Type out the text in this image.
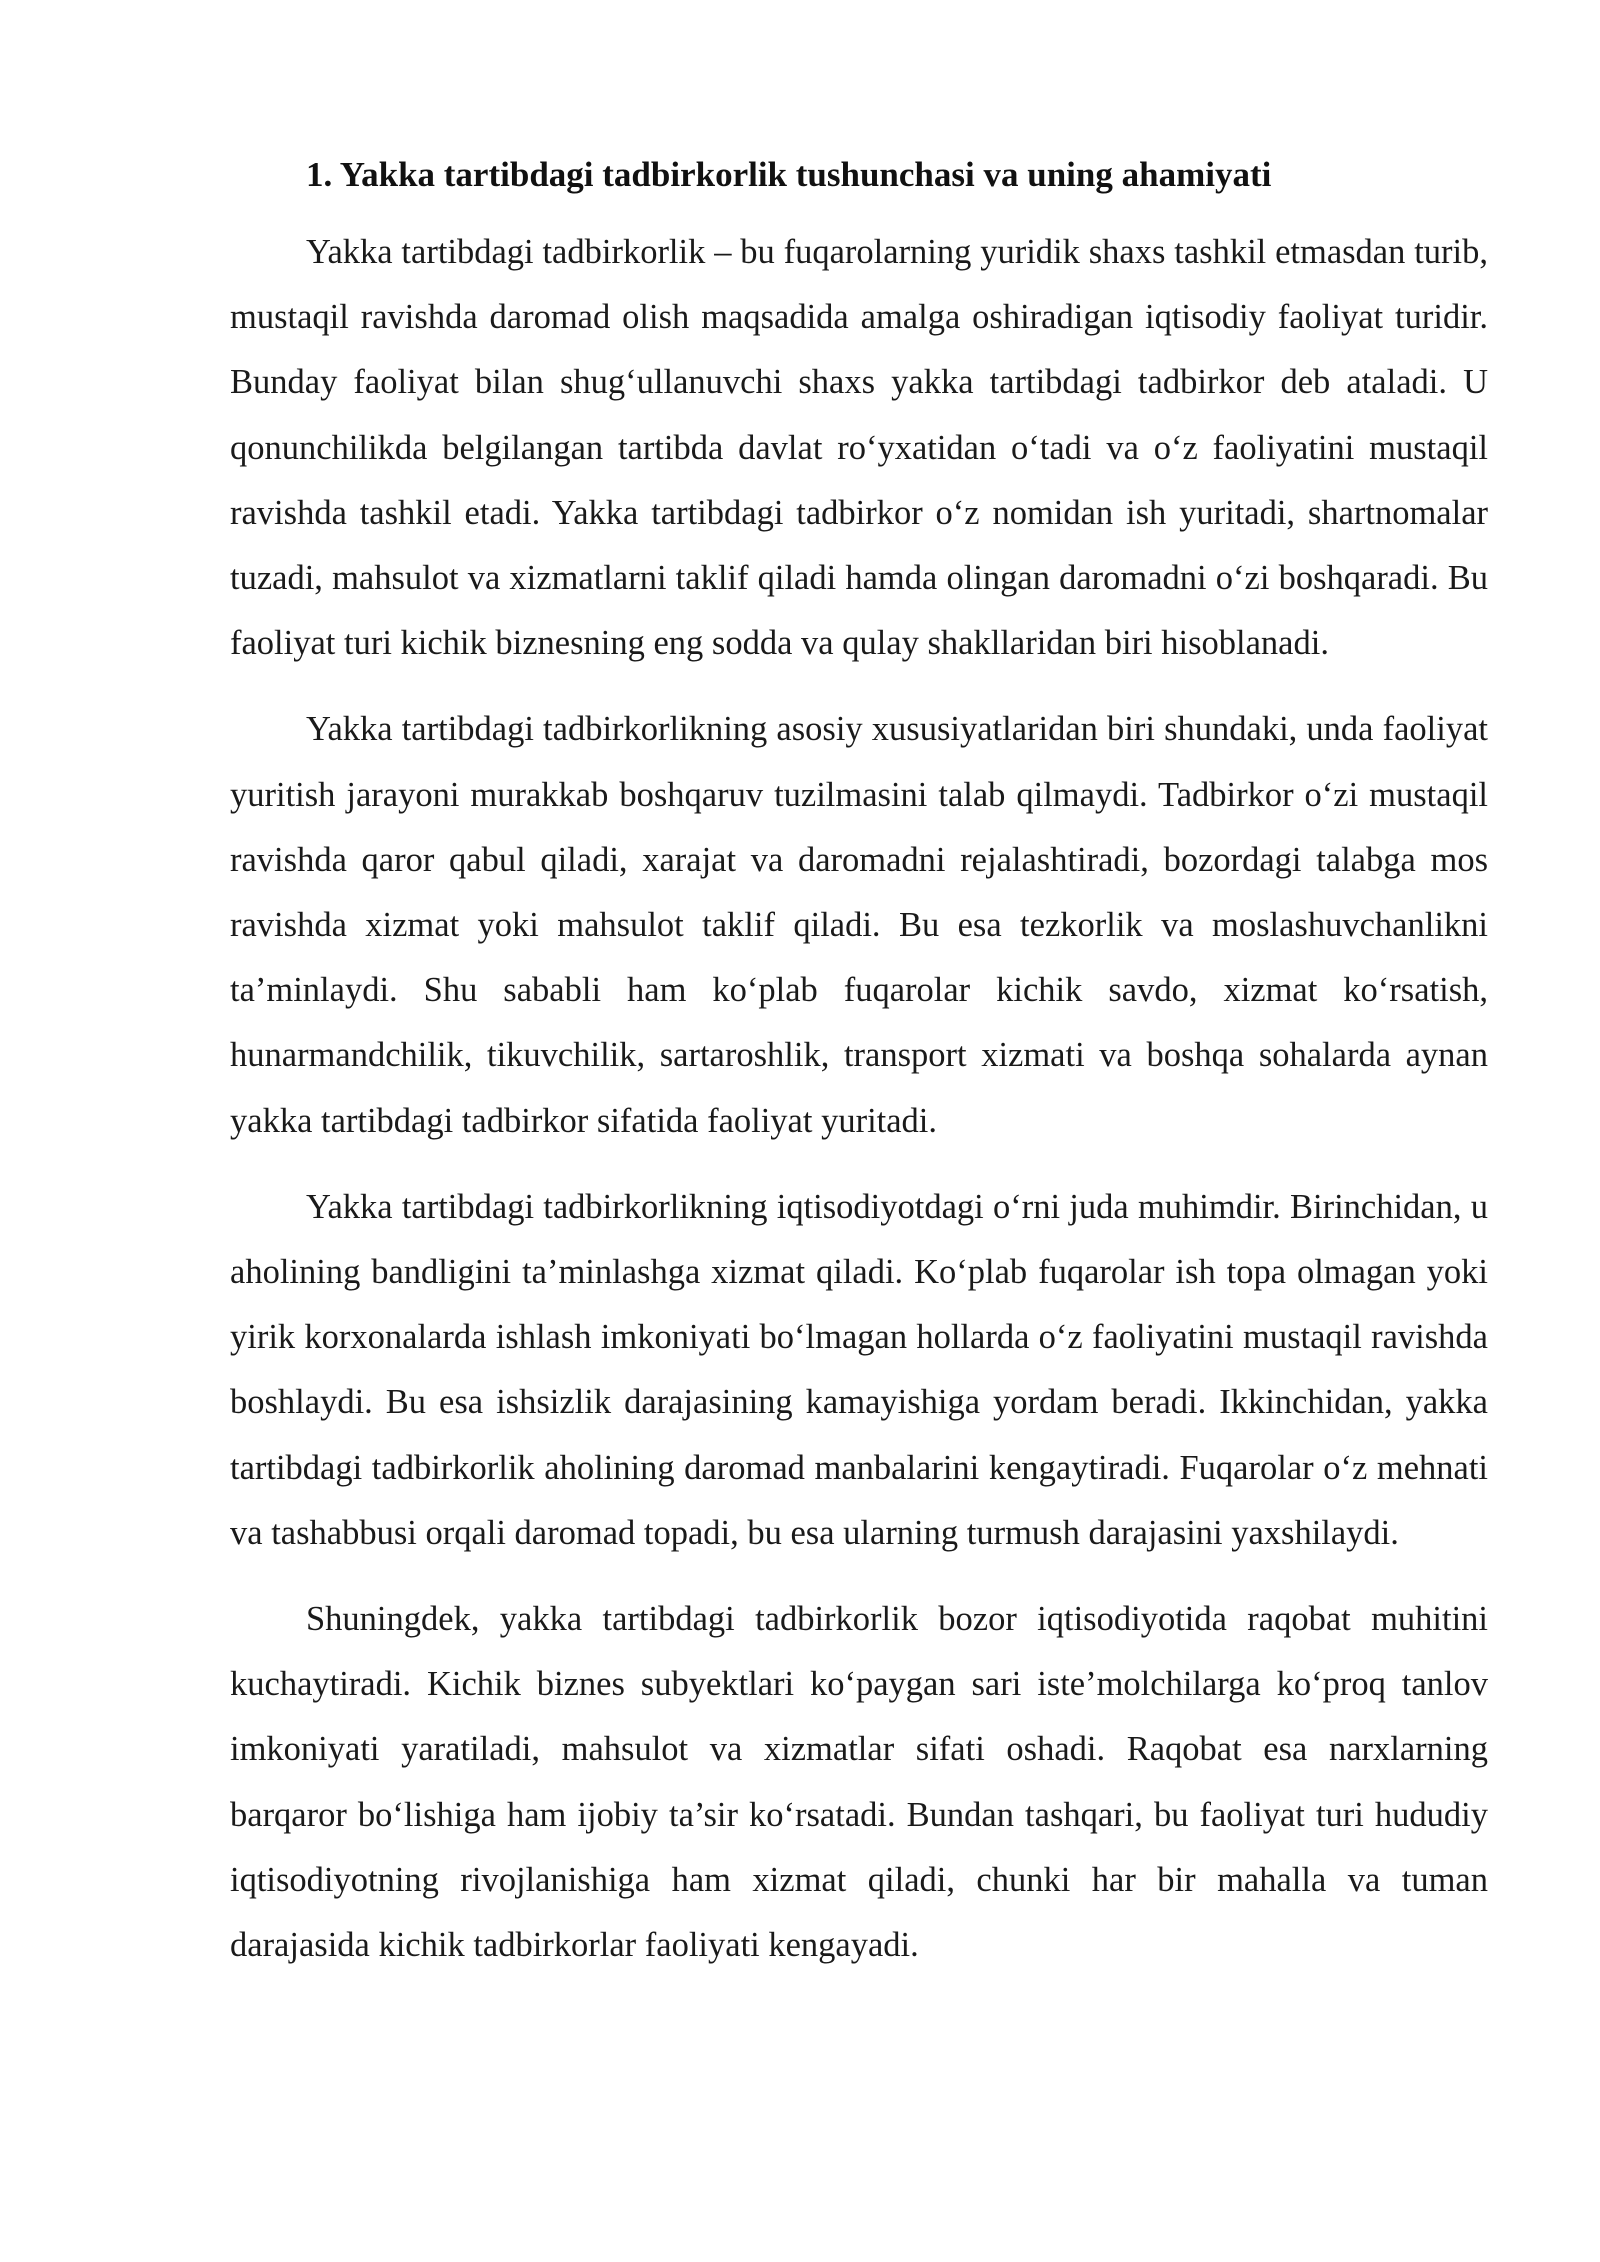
1. Yakka tartibdagi tadbirkorlik tushunchasi va uning ahamiyati

Yakka tartibdagi tadbirkorlik – bu fuqarolarning yuridik shaxs tashkil etmasdan turib, mustaqil ravishda daromad olish maqsadida amalga oshiradigan iqtisodiy faoliyat turidir. Bunday faoliyat bilan shug‘ullanuvchi shaxs yakka tartibdagi tadbirkor deb ataladi. U qonunchilikda belgilangan tartibda davlat ro‘yxatidan o‘tadi va o‘z faoliyatini mustaqil ravishda tashkil etadi. Yakka tartibdagi tadbirkor o‘z nomidan ish yuritadi, shartnomalar tuzadi, mahsulot va xizmatlarni taklif qiladi hamda olingan daromadni o‘zi boshqaradi. Bu faoliyat turi kichik biznesning eng sodda va qulay shakllaridan biri hisoblanadi.

Yakka tartibdagi tadbirkorlikning asosiy xususiyatlaridan biri shundaki, unda faoliyat yuritish jarayoni murakkab boshqaruv tuzilmasini talab qilmaydi. Tadbirkor o‘zi mustaqil ravishda qaror qabul qiladi, xarajat va daromadni rejalashtiradi, bozordagi talabga mos ravishda xizmat yoki mahsulot taklif qiladi. Bu esa tezkorlik va moslashuvchanlikni ta’minlaydi. Shu sababli ham ko‘plab fuqarolar kichik savdo, xizmat ko‘rsatish, hunarmandchilik, tikuvchilik, sartaroshlik, transport xizmati va boshqa sohalarda aynan yakka tartibdagi tadbirkor sifatida faoliyat yuritadi.

Yakka tartibdagi tadbirkorlikning iqtisodiyotdagi o‘rni juda muhimdir. Birinchidan, u aholining bandligini ta’minlashga xizmat qiladi. Ko‘plab fuqarolar ish topa olmagan yoki yirik korxonalarda ishlash imkoniyati bo‘lmagan hollarda o‘z faoliyatini mustaqil ravishda boshlaydi. Bu esa ishsizlik darajasining kamayishiga yordam beradi. Ikkinchidan, yakka tartibdagi tadbirkorlik aholining daromad manbalarini kengaytiradi. Fuqarolar o‘z mehnati va tashabbusi orqali daromad topadi, bu esa ularning turmush darajasini yaxshilaydi.

Shuningdek, yakka tartibdagi tadbirkorlik bozor iqtisodiyotida raqobat muhitini kuchaytiradi. Kichik biznes subyektlari ko‘paygan sari iste’molchilarga ko‘proq tanlov imkoniyati yaratiladi, mahsulot va xizmatlar sifati oshadi. Raqobat esa narxlarning barqaror bo‘lishiga ham ijobiy ta’sir ko‘rsatadi. Bundan tashqari, bu faoliyat turi hududiy iqtisodiyotning rivojlanishiga ham xizmat qiladi, chunki har bir mahalla va tuman darajasida kichik tadbirkorlar faoliyati kengayadi.
